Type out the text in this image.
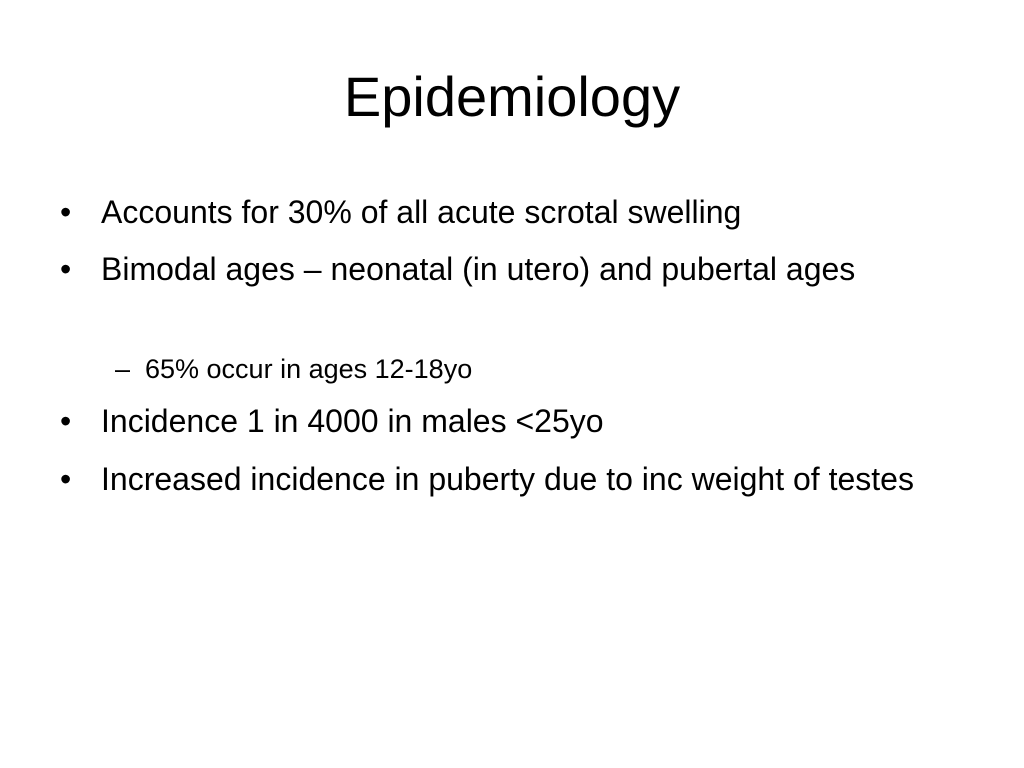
Epidemiology
• Accounts for 30% of all acute scrotal swelling
• Bimodal ages – neonatal (in utero) and pubertal ages
– 65% occur in ages 12-18yo
• Incidence 1 in 4000 in males <25yo
• Increased incidence in puberty due to inc weight of testes
